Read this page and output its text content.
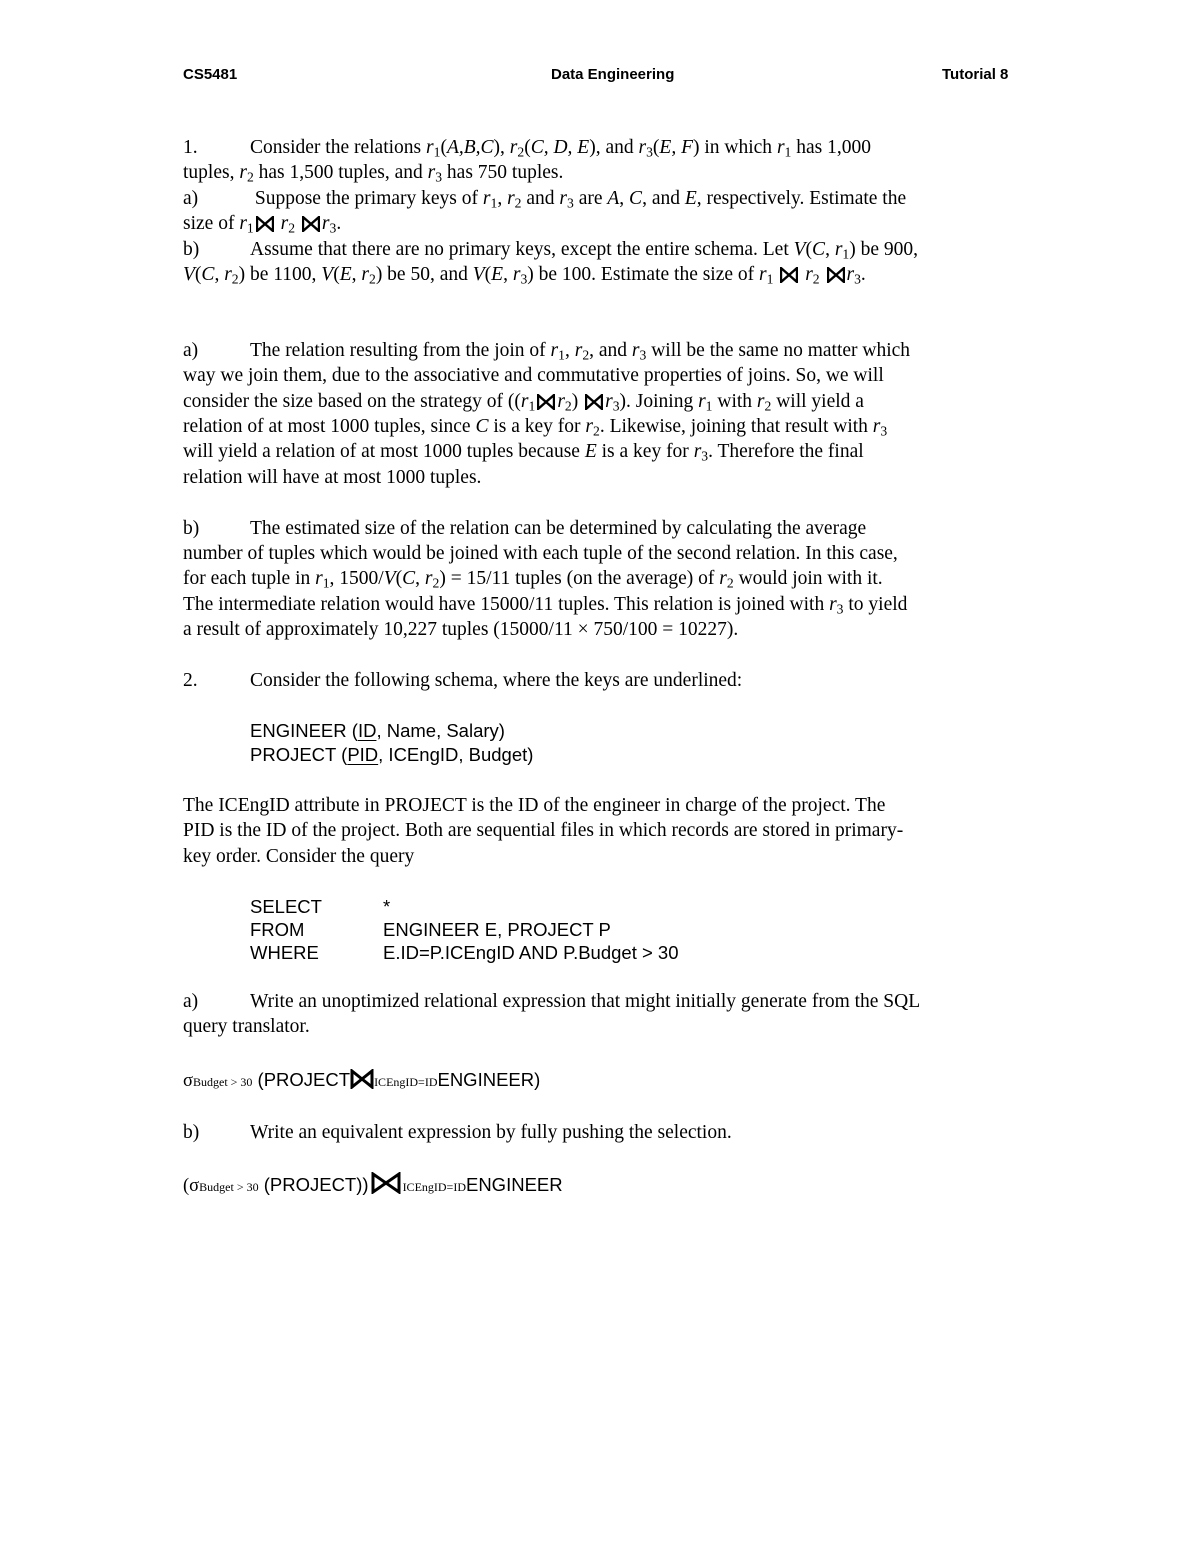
CS5481	Data Engineering	Tutorial 8
1.	Consider the relations $r_1(A,B,C)$, $r_2(C$, D, E), and $r_3(E$, F) in which $r_1$ has 1,000
tuples, $r_2$ has 1,500 tuples, and $r_3$ has 750 tuples.
a)	Suppose the primary keys of $r_1$, $r_2$ and $r_3$ are A, C, and E, respectively. Estimate the
size of $r_1$ $r_2$ $r_3$.
b)	Assume that there are no primary keys, except the entire schema. Let V(C, $r_1$) be 900,
V(C, $r_2$) be 1100, V(E, $r_2$) be 50, and V(E, $r_3$) be 100. Estimate the size of $r_1$ $r_2$ $r_3$.
a)	The relation resulting from the join of $r_1$, $r_2$, and $r_3$ will be the same no matter which
way we join them, due to the associative and commutative properties of joins. So, we will
consider the size based on the strategy of (($r_1$ $r_2$) $r_3$). Joining $r_1$ with $r_2$ will yield a
relation of at most 1000 tuples, since C is a key for $r_2$. Likewise, joining that result with $r_3$
will yield a relation of at most 1000 tuples because E is a key for $r_3$. Therefore the final
relation will have at most 1000 tuples.
b)	The estimated size of the relation can be determined by calculating the average
number of tuples which would be joined with each tuple of the second relation. In this case,
for each tuple in $r_1$, 1500/V(C, $r_2) = 15/11$ tuples (on the average) of $r_2$ would join with it.
The intermediate relation would have 15000/11 tuples. This relation is joined with $r_3$ to yield
a result of approximately 10,227 tuples (15000/11 × 750/100 = 10227).
2.	Consider the following schema, where the keys are underlined:
ENGINEER (ID, Name, Salary)
PROJECT (PID, ICEngID, Budget)
The ICEngID attribute in PROJECT is the ID of the engineer in charge of the project. The
PID is the ID of the project. Both are sequential files in which records are stored in primary-
key order. Consider the query
SELECT	*
FROM	ENGINEER E, PROJECT P
WHERE	E.ID=P.ICEngID AND P.Budget > 30
a)	Write an unoptimized relational expression that might initially generate from the SQL
query translator.
σBudget > 30 (PROJECT ICEngID=IDENGINEER)
b)	Write an equivalent expression by fully pushing the selection.
(σBudget > 30 (PROJECT))	ICEngID=IDENGINEER
